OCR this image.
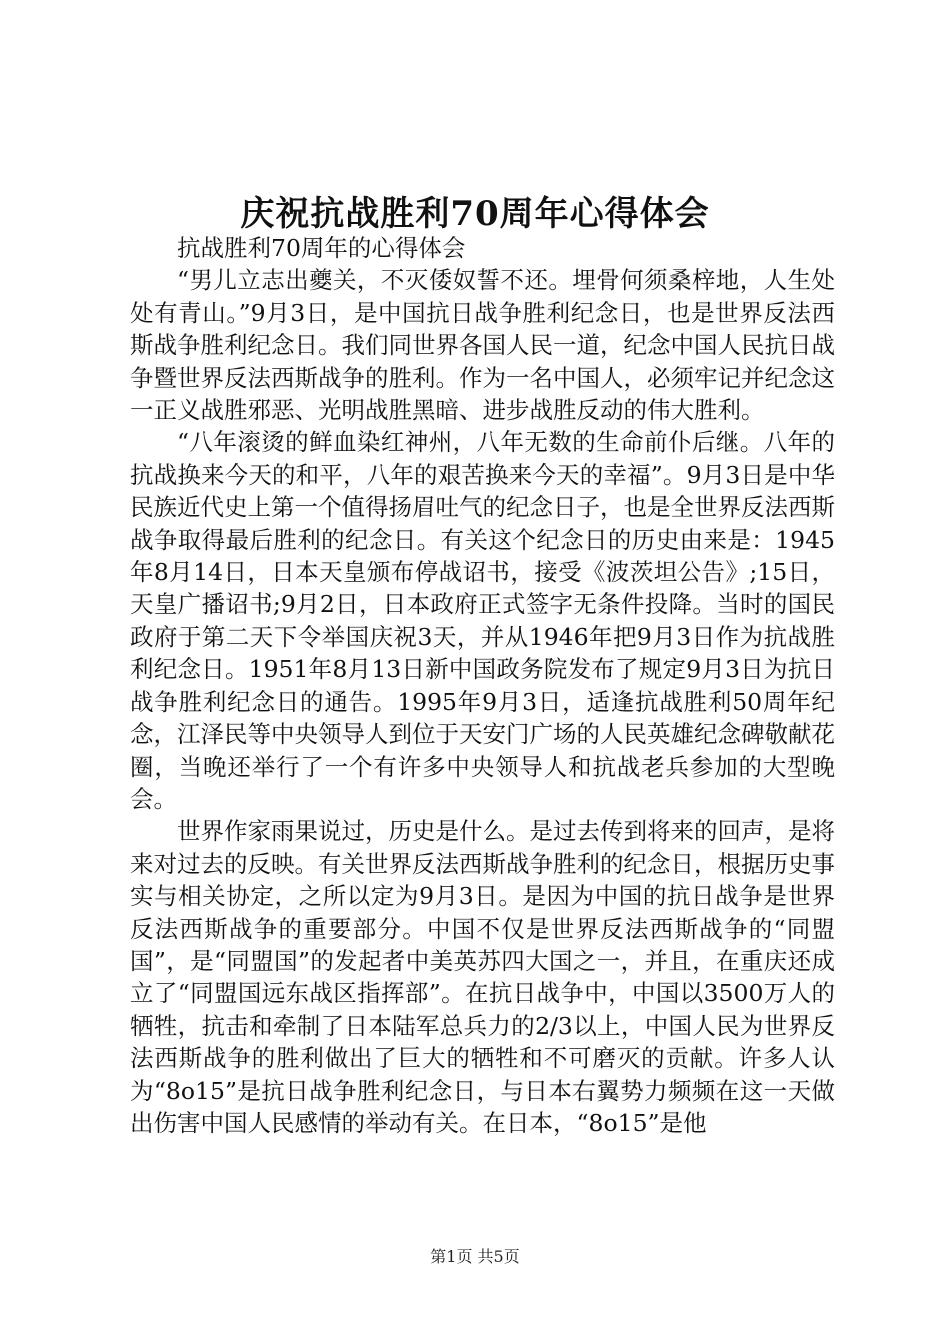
庆祝抗战胜利70周年心得体会

抗战胜利70周年的心得体会

“男儿立志出夔关，不灭倭奴誓不还。埋骨何须桑梓地，人生处处有青山。”9月3日，是中国抗日战争胜利纪念日，也是世界反法西斯战争胜利纪念日。我们同世界各国人民一道，纪念中国人民抗日战争暨世界反法西斯战争的胜利。作为一名中国人，必须牢记并纪念这一正义战胜邪恶、光明战胜黑暗、进步战胜反动的伟大胜利。

“八年滚烫的鲜血染红神州，八年无数的生命前仆后继。八年的抗战换来今天的和平，八年的艰苦换来今天的幸福”。9月3日是中华民族近代史上第一个值得扬眉吐气的纪念日子，也是全世界反法西斯战争取得最后胜利的纪念日。有关这个纪念日的历史由来是：1945年8月14日，日本天皇颁布停战诏书，接受《波茨坦公告》;15日，天皇广播诏书;9月2日，日本政府正式签字无条件投降。当时的国民政府于第二天下令举国庆祝3天，并从1946年把9月3日作为抗战胜利纪念日。1951年8月13日新中国政务院发布了规定9月3日为抗日战争胜利纪念日的通告。1995年9月3日，适逢抗战胜利50周年纪念，江泽民等中央领导人到位于天安门广场的人民英雄纪念碑敬献花圈，当晚还举行了一个有许多中央领导人和抗战老兵参加的大型晚会。

世界作家雨果说过，历史是什么。是过去传到将来的回声，是将来对过去的反映。有关世界反法西斯战争胜利的纪念日，根据历史事实与相关协定，之所以定为9月3日。是因为中国的抗日战争是世界反法西斯战争的重要部分。中国不仅是世界反法西斯战争的“同盟国”，是“同盟国”的发起者中美英苏四大国之一，并且，在重庆还成立了“同盟国远东战区指挥部”。在抗日战争中，中国以3500万人的牺牲，抗击和牵制了日本陆军总兵力的2/3以上，中国人民为世界反法西斯战争的胜利做出了巨大的牺牲和不可磨灭的贡献。许多人认为“8o15”是抗日战争胜利纪念日，与日本右翼势力频频在这一天做出伤害中国人民感情的举动有关。在日本，“8o15”是他

第1页 共5页
